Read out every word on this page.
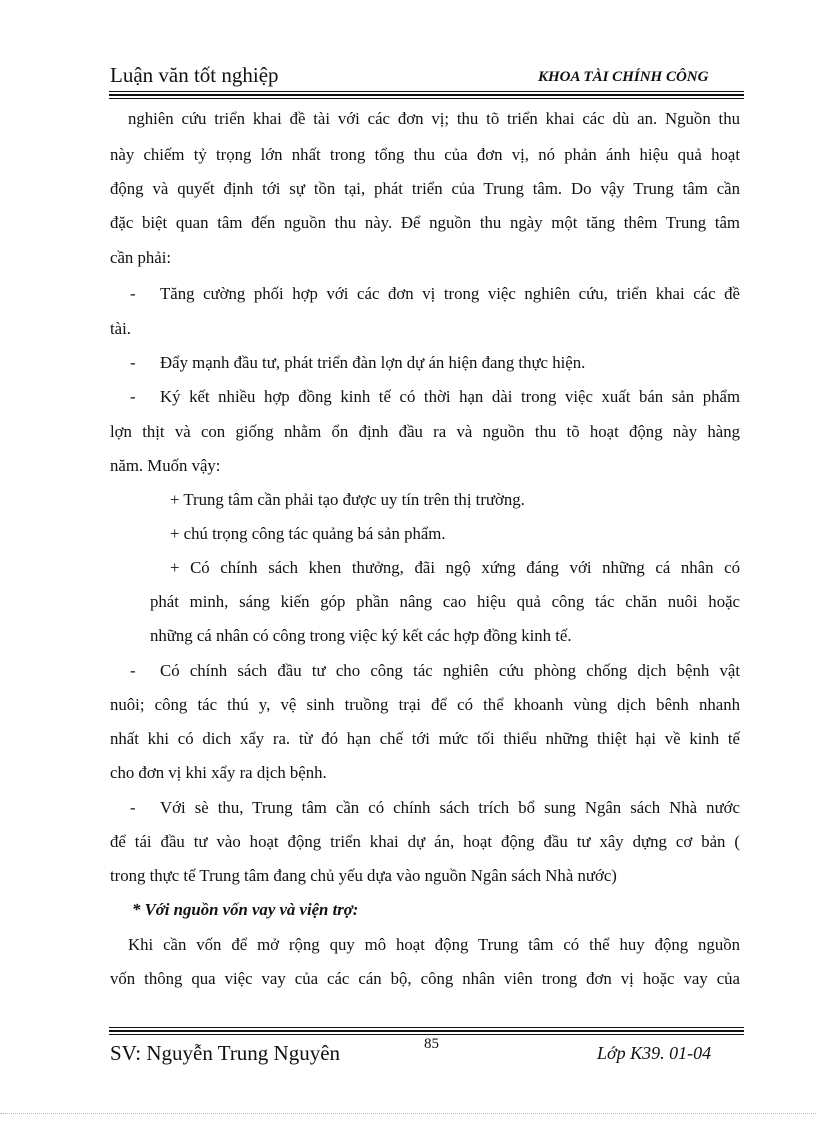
Luận văn tốt nghiệp	KHOA TÀI CHÍNH CÔNG
nghiên cứu triển khai đề tài với các đơn vị; thu tõ triển khai các dù an. Nguồn thu
này chiếm tỷ trọng lớn nhất trong tổng thu của đơn vị, nó phản ánh hiệu quả hoạt
động và quyết định tới sự tồn tại, phát triển của Trung tâm. Do vậy Trung tâm cần
đặc biệt quan tâm đến nguồn thu này. Để nguồn thu ngày một tăng thêm Trung tâm
cần phải:
- Tăng cường phối hợp với các đơn vị trong việc nghiên cứu, triển khai các đề
tài.
- Đẩy mạnh đầu tư, phát triển đàn lợn dự án hiện đang thực hiện.
- Ký kết nhiều hợp đồng kinh tế có thời hạn dài trong việc xuất bán sản phẩm
lợn thịt và con giống nhằm ổn định đầu ra và nguồn thu tõ hoạt động này hàng
năm. Muốn vậy:
+ Trung tâm cần phải tạo được uy tín trên thị trường.
+ chú trọng công tác quảng bá sản phẩm.
+ Có chính sách khen thưởng, đãi ngộ xứng đáng với những cá nhân có
phát minh, sáng kiến góp phần nâng cao hiệu quả công tác chăn nuôi hoặc
những cá nhân có công trong việc ký kết các hợp đồng kinh tế.
- Có chính sách đầu tư cho công tác nghiên cứu phòng chống dịch bệnh vật
nuôi; công tác thú y, vệ sinh truồng trại để có thể khoanh vùng dịch bênh nhanh
nhất khi có dich xẩy ra. từ đó hạn chế tới mức tối thiểu những thiệt hại về kinh tế
cho đơn vị khi xẩy ra dịch bệnh.
- Với sè thu, Trung tâm cần có chính sách trích bổ sung Ngân sách Nhà nước
để tái đầu tư vào hoạt động triển khai dự án, hoạt động đầu tư xây dựng cơ bản (
trong thực tế Trung tâm đang chủ yếu dựa vào nguồn Ngân sách Nhà nước)
* Với nguồn vốn vay và viện trợ:
Khi cần vốn để mở rộng quy mô hoạt động Trung tâm có thể huy động nguồn
vốn thông qua việc vay của các cán bộ, công nhân viên trong đơn vị hoặc vay của
SV: Nguyễn Trung Nguyên	85	Lớp K39. 01-04
